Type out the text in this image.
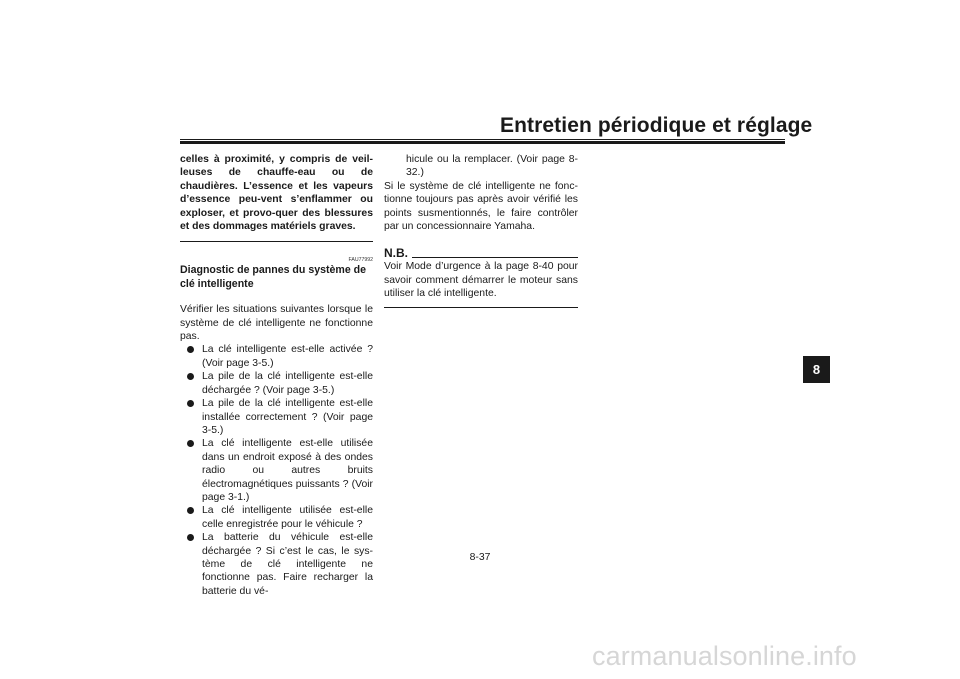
Entretien périodique et réglage

celles à proximité, y compris de veil-leuses de chauffe-eau ou de chaudières. L’essence et les vapeurs d’essence peu-vent s’enflammer ou exploser, et provo-quer des blessures et des dommages matériels graves.

FAU77992

Diagnostic de pannes du système de clé intelligente

Vérifier les situations suivantes lorsque le système de clé intelligente ne fonctionne pas.

La clé intelligente est-elle activée ? (Voir page 3-5.)
La pile de la clé intelligente est-elle déchargée ? (Voir page 3-5.)
La pile de la clé intelligente est-elle installée correctement ? (Voir page 3-5.)
La clé intelligente est-elle utilisée dans un endroit exposé à des ondes radio ou autres bruits électromagnétiques puissants ? (Voir page 3-1.)
La clé intelligente utilisée est-elle celle enregistrée pour le véhicule ?
La batterie du véhicule est-elle déchargée ? Si c’est le cas, le sys-tème de clé intelligente ne fonctionne pas. Faire recharger la batterie du vé-

hicule ou la remplacer. (Voir page 8-32.)

Si le système de clé intelligente ne fonc-tionne toujours pas après avoir vérifié les points susmentionnés, le faire contrôler par un concessionnaire Yamaha.

N.B.

Voir Mode d’urgence à la page 8-40 pour savoir comment démarrer le moteur sans utiliser la clé intelligente.

8
8-37
carmanualsonline.info
